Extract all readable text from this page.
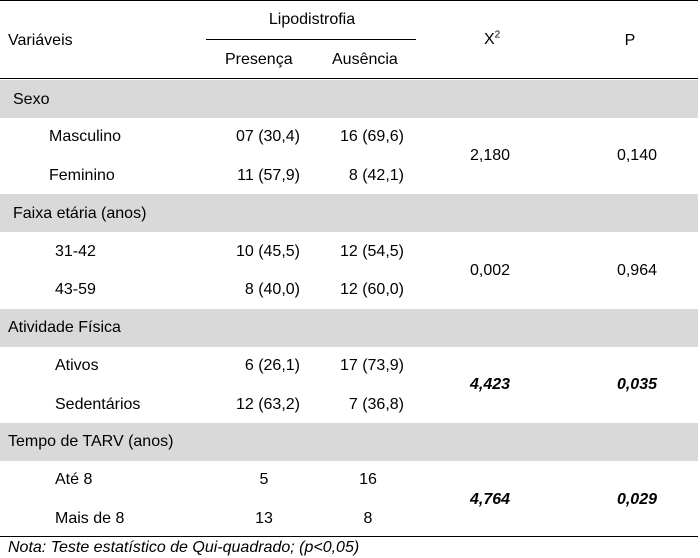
Variáveis
Lipodistrofia
Presença Ausência
$X^2$	P
Sexo
Masculino	07 (30,4) 16 (69,6)
Feminino	11 (57,9)	8 (42,1)
2,180	0,140
Faixa etária (anos)
31-42	10 (45,5) 12 (54,5)
43-59	8 (40,0) 12 (60,0)
0,002	0,964
Atividade Física
Ativos	6 (26,1) 17 (73,9)
Sedentários	12 (63,2)	7 (36,8)
4,423	0,035
Tempo de TARV (anos)
Até 8	5	16
Mais de 8	13	8
4,764	0,029
Nota: Teste estatístico de Qui-quadrado; (p<0,05)
